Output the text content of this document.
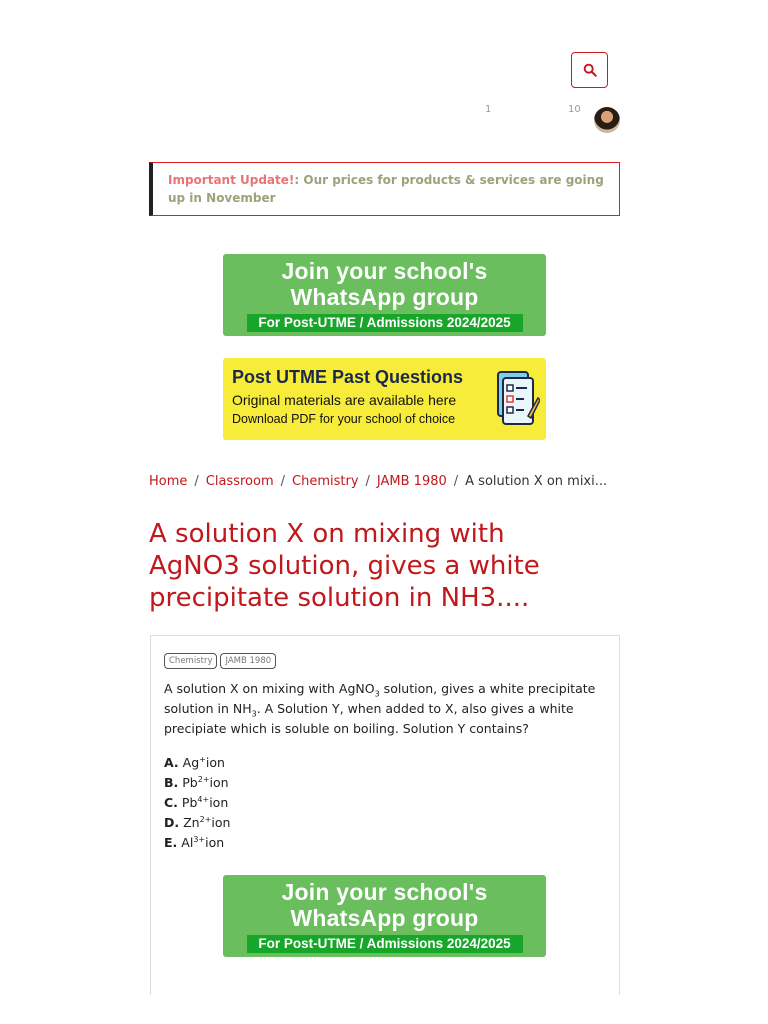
1	10
Important Update!: Our prices for products & services are going up in November
Join your school's
WhatsApp group
For Post-UTME / Admissions 2024/2025
Post UTME Past Questions
Original materials are available here
Download PDF for your school of choice
Home / Classroom / Chemistry / JAMB 1980 / A solution X on mixi...
A solution X on mixing with AgNO3 solution, gives a white precipitate solution in NH3....
Chemistry	JAMB 1980

A solution X on mixing with AgNO$_3$ solution, gives a white precipitate solution in $NH_3$. A Solution Y, when added to X, also gives a white precipiate which is soluble on boiling. Solution Y contains?

A. Ag+ion
B. $Pb^{2+}ion$
C. $Pb^{4+}ion$
D. $Zn^{2+}ion$
E. $Al^{3+}ion$
Join your school's
WhatsApp group
For Post-UTME / Admissions 2024/2025
